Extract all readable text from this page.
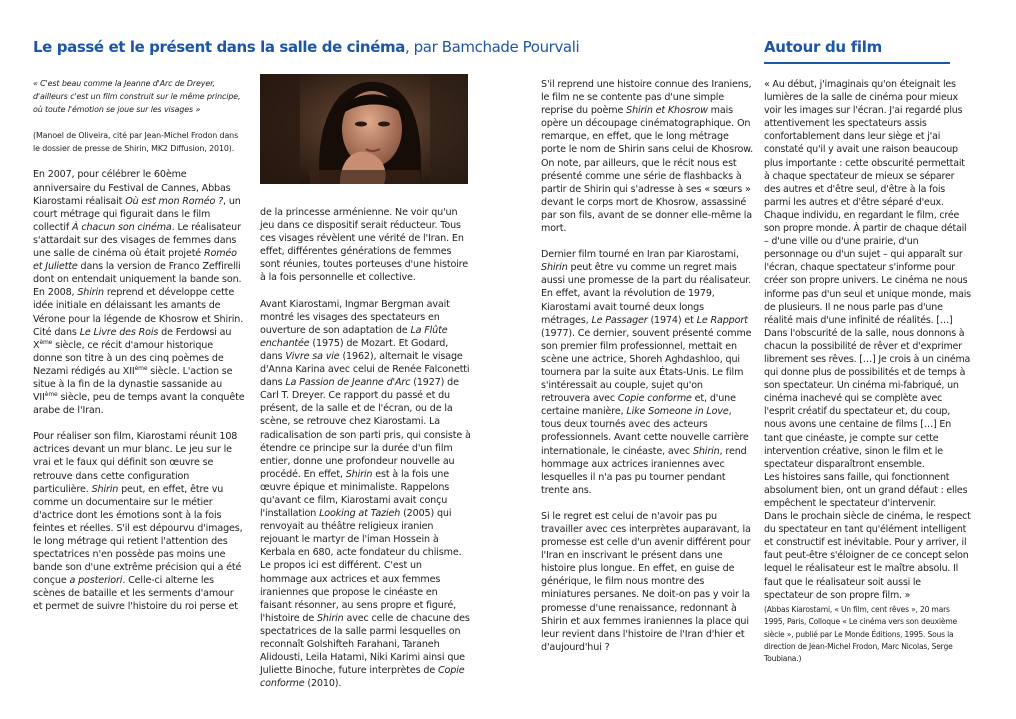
Le passé et le présent dans la salle de cinéma, par Bamchade Pourvali	Autour du film

« C'est beau comme la Jeanne d'Arc de Dreyer, d'ailleurs c'est un film construit sur le même principe, où toute l'émotion se joue sur les visages »

(Manoel de Oliveira, cité par Jean-Michel Frodon dans le dossier de presse de Shirin, MK2 Diffusion, 2010).

En 2007, pour célébrer le 60ème anniversaire du Festival de Cannes, Abbas Kiarostami réalisait Où est mon Roméo ?, un court métrage qui figurait dans le film collectif À chacun son cinéma. Le réalisateur s'attardait sur des visages de femmes dans une salle de cinéma où était projeté Roméo et Juliette dans la version de Franco Zeffirelli dont on entendait uniquement la bande son.

En 2008, Shirin reprend et développe cette idée initiale en délaissant les amants de Vérone pour la légende de Khosrow et Shirin. Cité dans Le Livre des Rois de Ferdowsi au Xème siècle, ce récit d'amour historique donne son titre à un des cinq poèmes de Nezami rédigés au XIIème siècle. L'action se situe à la fin de la dynastie sassanide au VIIème siècle, peu de temps avant la conquête arabe de l'Iran.

Pour réaliser son film, Kiarostami réunit 108 actrices devant un mur blanc. Le jeu sur le vrai et le faux qui définit son œuvre se retrouve dans cette configuration particulière. Shirin peut, en effet, être vu comme un documentaire sur le métier d'actrice dont les émotions sont à la fois feintes et réelles. S'il est dépourvu d'images, le long métrage qui retient l'attention des spectatrices n'en possède pas moins une bande son d'une extrême précision qui a été conçue a posteriori. Celle-ci alterne les scènes de bataille et les serments d'amour et permet de suivre l'histoire du roi perse et

de la princesse arménienne. Ne voir qu'un jeu dans ce dispositif serait réducteur. Tous ces visages révèlent une vérité de l'Iran. En effet, différentes générations de femmes sont réunies, toutes porteuses d'une histoire à la fois personnelle et collective.

Avant Kiarostami, Ingmar Bergman avait montré les visages des spectateurs en ouverture de son adaptation de La Flûte enchantée (1975) de Mozart. Et Godard, dans Vivre sa vie (1962), alternait le visage d'Anna Karina avec celui de Renée Falconetti dans La Passion de Jeanne d'Arc (1927) de Carl T. Dreyer. Ce rapport du passé et du présent, de la salle et de l'écran, ou de la scène, se retrouve chez Kiarostami. La radicalisation de son parti pris, qui consiste à étendre ce principe sur la durée d'un film entier, donne une profondeur nouvelle au procédé. En effet, Shirin est à la fois une œuvre épique et minimaliste. Rappelons qu'avant ce film, Kiarostami avait conçu l'installation Looking at Tazieh (2005) qui renvoyait au théâtre religieux iranien rejouant le martyr de l'iman Hossein à Kerbala en 680, acte fondateur du chiisme. Le propos ici est différent. C'est un hommage aux actrices et aux femmes iraniennes que propose le cinéaste en faisant résonner, au sens propre et figuré, l'histoire de Shirin avec celle de chacune des spectatrices de la salle parmi lesquelles on reconnaît Golshifteh Farahani, Taraneh Alidousti, Leila Hatami, Niki Karimi ainsi que Juliette Binoche, future interprètes de Copie conforme (2010).

S'il reprend une histoire connue des Iraniens, le film ne se contente pas d'une simple reprise du poème Shirin et Khosrow mais opère un découpage cinématographique. On remarque, en effet, que le long métrage porte le nom de Shirin sans celui de Khosrow. On note, par ailleurs, que le récit nous est présenté comme une série de flashbacks à partir de Shirin qui s'adresse à ses « sœurs » devant le corps mort de Khosrow, assassiné par son fils, avant de se donner elle-même la mort.

Dernier film tourné en Iran par Kiarostami, Shirin peut être vu comme un regret mais aussi une promesse de la part du réalisateur. En effet, avant la révolution de 1979, Kiarostami avait tourné deux longs métrages, Le Passager (1974) et Le Rapport (1977). Ce dernier, souvent présenté comme son premier film professionnel, mettait en scène une actrice, Shoreh Aghdashloo, qui tournera par la suite aux États-Unis. Le film s'intéressait au couple, sujet qu'on retrouvera avec Copie conforme et, d'une certaine manière, Like Someone in Love, tous deux tournés avec des acteurs professionnels. Avant cette nouvelle carrière internationale, le cinéaste, avec Shirin, rend hommage aux actrices iraniennes avec lesquelles il n'a pas pu tourner pendant trente ans.

Si le regret est celui de n'avoir pas pu travailler avec ces interprètes auparavant, la promesse est celle d'un avenir différent pour l'Iran en inscrivant le présent dans une histoire plus longue. En effet, en guise de générique, le film nous montre des miniatures persanes. Ne doit-on pas y voir la promesse d'une renaissance, redonnant à Shirin et aux femmes iraniennes la place qui leur revient dans l'histoire de l'Iran d'hier et d'aujourd'hui ?

« Au début, j'imaginais qu'on éteignait les lumières de la salle de cinéma pour mieux voir les images sur l'écran. J'ai regardé plus attentivement les spectateurs assis confortablement dans leur siège et j'ai constaté qu'il y avait une raison beaucoup plus importante : cette obscurité permettait à chaque spectateur de mieux se séparer des autres et d'être seul, d'être à la fois parmi les autres et d'être séparé d'eux.

Chaque individu, en regardant le film, crée son propre monde. À partir de chaque détail – d'une ville ou d'une prairie, d'un personnage ou d'un sujet – qui apparaît sur l'écran, chaque spectateur s'informe pour créer son propre univers. Le cinéma ne nous informe pas d'un seul et unique monde, mais de plusieurs. Il ne nous parle pas d'une réalité mais d'une infinité de réalités. […] Dans l'obscurité de la salle, nous donnons à chacun la possibilité de rêver et d'exprimer librement ses rêves. […] Je crois à un cinéma qui donne plus de possibilités et de temps à son spectateur. Un cinéma mi-fabriqué, un cinéma inachevé qui se complète avec l'esprit créatif du spectateur et, du coup, nous avons une centaine de films […] En tant que cinéaste, je compte sur cette intervention créative, sinon le film et le spectateur disparaîtront ensemble.

Les histoires sans faille, qui fonctionnent absolument bien, ont un grand défaut : elles empêchent le spectateur d'intervenir.

Dans le prochain siècle de cinéma, le respect du spectateur en tant qu'élément intelligent et constructif est inévitable. Pour y arriver, il faut peut-être s'éloigner de ce concept selon lequel le réalisateur est le maître absolu. Il faut que le réalisateur soit aussi le spectateur de son propre film. »

(Abbas Kiarostami, « Un film, cent rêves », 20 mars 1995, Paris, Colloque « Le cinéma vers son deuxième siècle », publié par Le Monde Éditions, 1995. Sous la direction de Jean-Michel Frodon, Marc Nicolas, Serge Toubiana.)
